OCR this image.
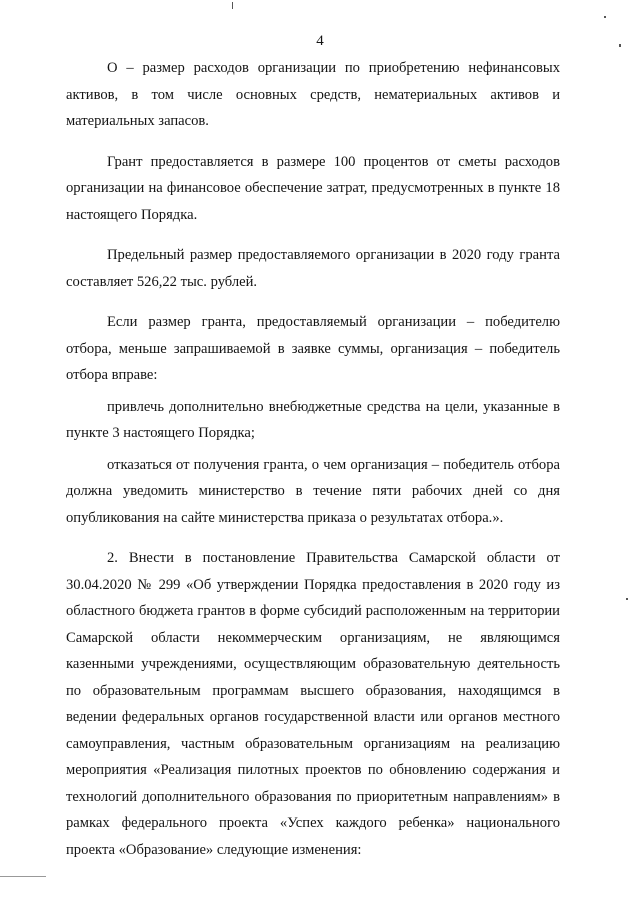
4

O – размер расходов организации по приобретению нефинансовых активов, в том числе основных средств, нематериальных активов и материальных запасов.

Грант предоставляется в размере 100 процентов от сметы расходов организации на финансовое обеспечение затрат, предусмотренных в пункте 18 настоящего Порядка.

Предельный размер предоставляемого организации в 2020 году гранта составляет 526,22 тыс. рублей.

Если размер гранта, предоставляемый организации – победителю отбора, меньше запрашиваемой в заявке суммы, организация – победитель отбора вправе:

привлечь дополнительно внебюджетные средства на цели, указанные в пункте 3 настоящего Порядка;

отказаться от получения гранта, о чем организация – победитель отбора должна уведомить министерство в течение пяти рабочих дней со дня опубликования на сайте министерства приказа о результатах отбора.».

2. Внести в постановление Правительства Самарской области от 30.04.2020 № 299 «Об утверждении Порядка предоставления в 2020 году из областного бюджета грантов в форме субсидий расположенным на территории Самарской области некоммерческим организациям, не являющимся казенными учреждениями, осуществляющим образовательную деятельность по образовательным программам высшего образования, находящимся в ведении федеральных органов государственной власти или органов местного самоуправления, частным образовательным организациям на реализацию мероприятия «Реализация пилотных проектов по обновлению содержания и технологий дополнительного образования по приоритетным направлениям» в рамках федерального проекта «Успех каждого ребенка» национального проекта «Образование» следующие изменения:
